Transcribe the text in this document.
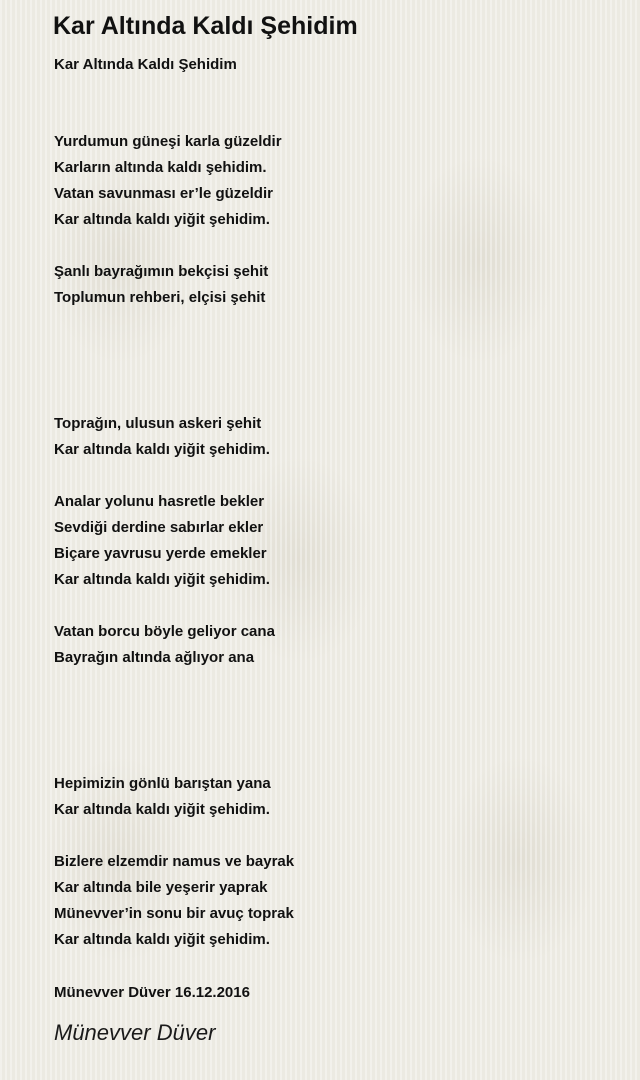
Kar Altında Kaldı Şehidim
Kar Altında Kaldı Şehidim
Yurdumun güneşi karla güzeldir
Karların altında kaldı şehidim.
Vatan savunması er’le güzeldir
Kar altında kaldı yiğit şehidim.
Şanlı bayrağımın bekçisi şehit
Toplumun rehberi, elçisi şehit
Toprağın, ulusun askeri şehit
Kar altında kaldı yiğit şehidim.
Analar yolunu hasretle bekler
Sevdiği derdine sabırlar ekler
Biçare yavrusu yerde emekler
Kar altında kaldı yiğit şehidim.
Vatan borcu böyle geliyor cana
Bayrağın altında ağlıyor ana
Hepimizin gönlü barıştan yana
Kar altında kaldı yiğit şehidim.
Bizlere elzemdir namus ve bayrak
Kar altında bile yeşerir yaprak
Münevver’in sonu bir avuç toprak
Kar altında kaldı yiğit şehidim.
Münevver Düver 16.12.2016
Münevver Düver
